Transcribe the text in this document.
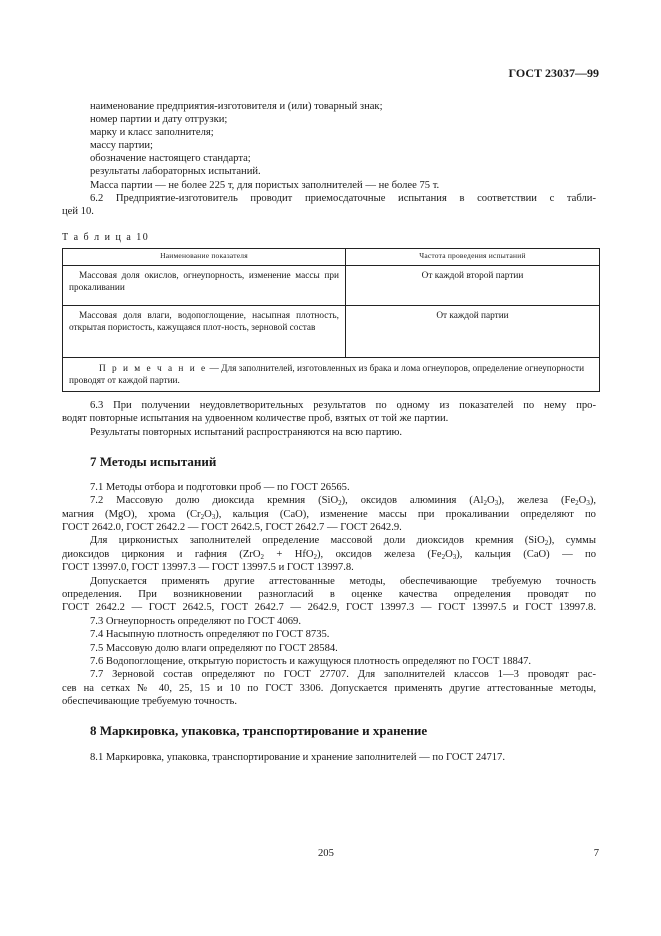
ГОСТ 23037—99
наименование предприятия-изготовителя и (или) товарный знак;
номер партии и дату отгрузки;
марку и класс заполнителя;
массу партии;
обозначение настоящего стандарта;
результаты лабораторных испытаний.
Масса партии — не более 225 т, для пористых заполнителей — не более 75 т.
6.2 Предприятие-изготовитель проводит приемосдаточные испытания в соответствии с табли-
цей 10.
Т а б л и ц а 10
Наименование показателя	Частота проведения испытаний

Массовая доля окислов, огнеупорность, изменение массы при прокаливании	От каждой второй партии

Массовая доля влаги, водопоглощение, насыпная плотность, открытая пористость, кажущаяся плот-ность, зерновой состав	От каждой партии
П р и м е ч а н и е — Для заполнителей, изготовленных из брака и лома огнеупоров, определение огнеупорности проводят от каждой партии.	
6.3 При получении неудовлетворительных результатов по одному из показателей по нему про-
водят повторные испытания на удвоенном количестве проб, взятых от той же партии.
Результаты повторных испытаний распространяются на всю партию.
7 Методы испытаний
7.1 Методы отбора и подготовки проб — по ГОСТ 26565.
7.2 Массовую долю диоксида кремния (SiO$_2$), оксидов алюминия $(Al_2O_3)$, железа $(Fe_2O_3)$,
магния (MgO), хрома $(Cr_2O_3)$, кальция (CaO), изменение массы при прокаливании определяют по
ГОСТ 2642.0, ГОСТ 2642.2 — ГОСТ 2642.5, ГОСТ 2642.7 — ГОСТ 2642.9.
Для цирконистых заполнителей определение массовой доли диоксидов кремния (SiO$_2$), суммы
диоксидов циркония и гафния (ZrO$_2$ + HfO$_2$), оксидов железа $(Fe_2O_3)$, кальция (CaO) — по
ГОСТ 13997.0, ГОСТ 13997.3 — ГОСТ 13997.5 и ГОСТ 13997.8.
Допускается применять другие аттестованные методы, обеспечивающие требуемую точность
определения. При возникновении разногласий в оценке качества определения проводят по
ГОСТ 2642.2 — ГОСТ 2642.5, ГОСТ 2642.7 — 2642.9, ГОСТ 13997.3 — ГОСТ 13997.5 и ГОСТ 13997.8.
7.3 Огнеупорность определяют по ГОСТ 4069.
7.4 Насыпную плотность определяют по ГОСТ 8735.
7.5 Массовую долю влаги определяют по ГОСТ 28584.
7.6 Водопоглощение, открытую пористость и кажущуюся плотность определяют по ГОСТ 18847.
7.7 Зерновой состав определяют по ГОСТ 27707. Для заполнителей классов 1—3 проводят рас-
сев на сетках № 40, 25, 15 и 10 по ГОСТ 3306. Допускается применять другие аттестованные методы,
обеспечивающие требуемую точность.
8 Маркировка, упаковка, транспортирование и хранение
8.1 Маркировка, упаковка, транспортирование и хранение заполнителей — по ГОСТ 24717.
205	7
